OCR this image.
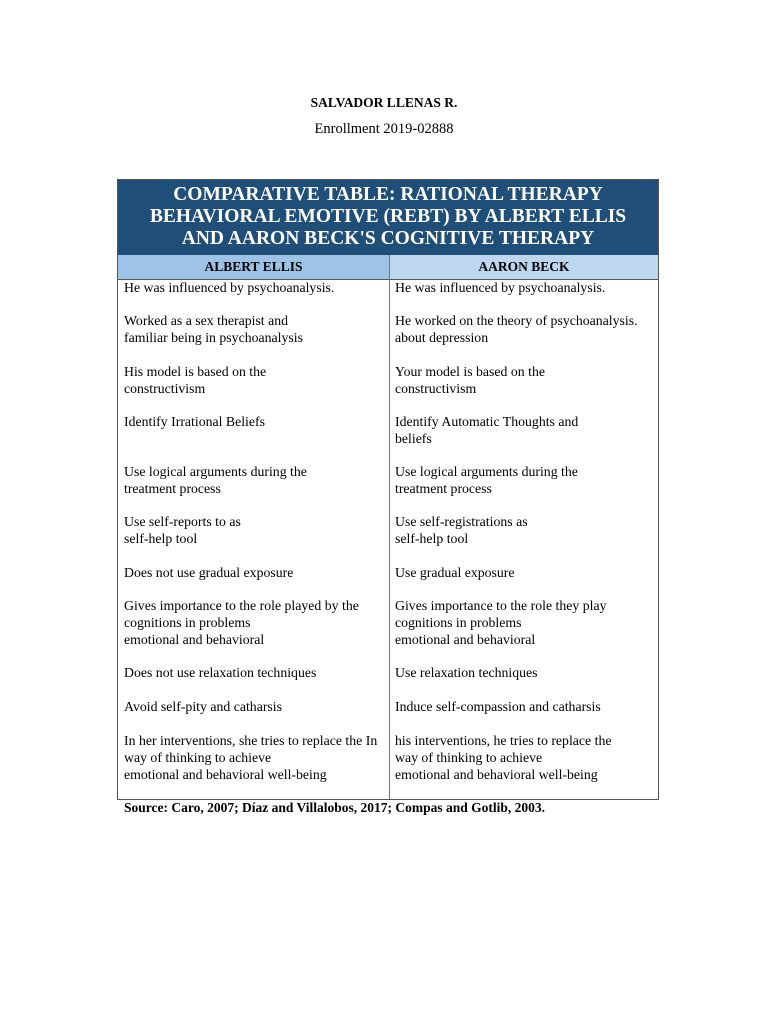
SALVADOR LLENAS R.
Enrollment 2019-02888
COMPARATIVE TABLE: RATIONAL THERAPY
BEHAVIORAL EMOTIVE (REBT) BY ALBERT ELLIS
AND AARON BECK'S COGNITIVE THERAPY
ALBERT ELLIS	AARON BECK
He was influenced by psychoanalysis.
Worked as a sex therapist and
familiar being in psychoanalysis
His model is based on the
constructivism
Identify Irrational Beliefs
Use logical arguments during the
treatment process
Use self-reports to as
self-help tool
Does not use gradual exposure
Gives importance to the role played by the
cognitions in problems
emotional and behavioral
Does not use relaxation techniques
Avoid self-pity and catharsis
In her interventions, she tries to replace the In
way of thinking to achieve
emotional and behavioral well-being
He was influenced by psychoanalysis.
He worked on the theory of psychoanalysis.
about depression
Your model is based on the
constructivism
Identify Automatic Thoughts and
beliefs
Use logical arguments during the
treatment process
Use self-registrations as
self-help tool
Use gradual exposure
Gives importance to the role they play
cognitions in problems
emotional and behavioral
Use relaxation techniques
Induce self-compassion and catharsis
his interventions, he tries to replace the
way of thinking to achieve
emotional and behavioral well-being
Source: Caro, 2007; Díaz and Villalobos, 2017; Compas and Gotlib, 2003.
